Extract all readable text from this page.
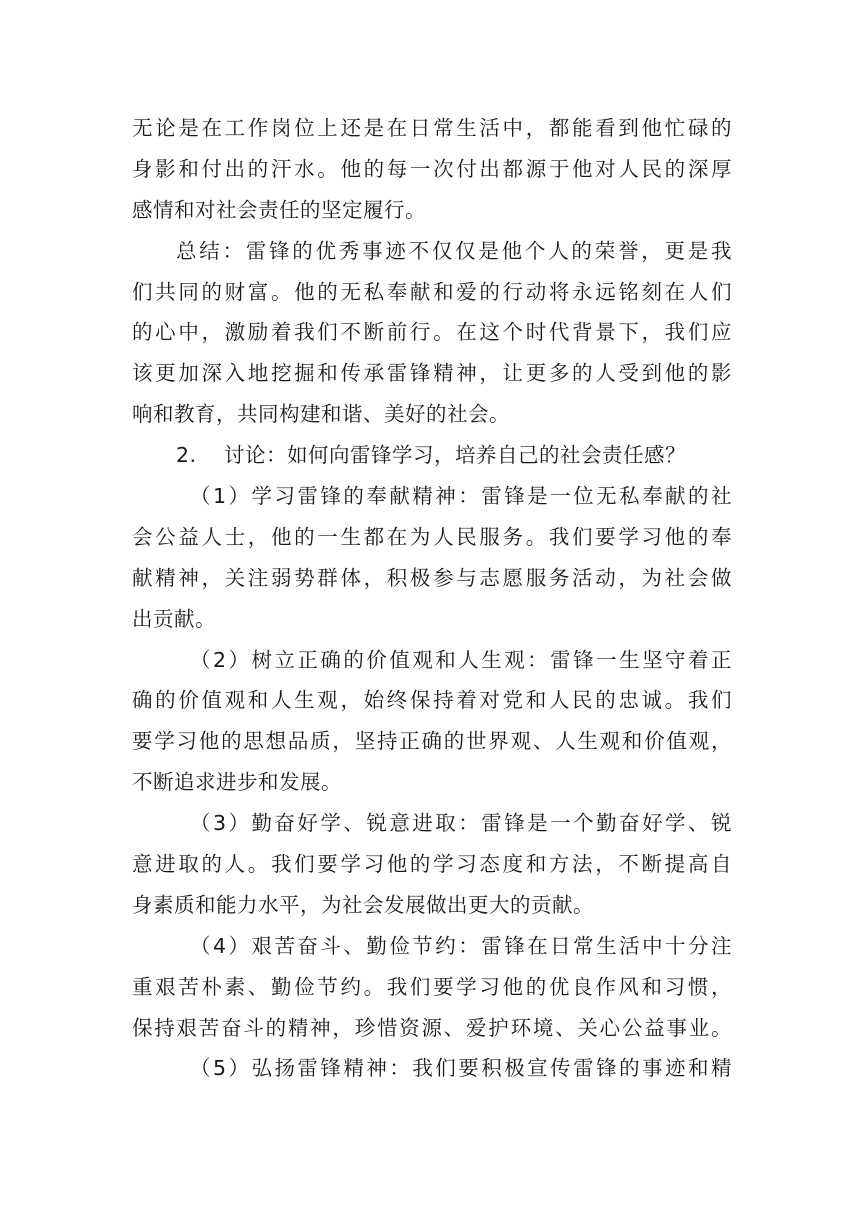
无论是在工作岗位上还是在日常生活中，都能看到他忙碌的
身影和付出的汗水。他的每一次付出都源于他对人民的深厚
感情和对社会责任的坚定履行。
总结：雷锋的优秀事迹不仅仅是他个人的荣誉，更是我
们共同的财富。他的无私奉献和爱的行动将永远铭刻在人们
的心中，激励着我们不断前行。在这个时代背景下，我们应
该更加深入地挖掘和传承雷锋精神，让更多的人受到他的影
响和教育，共同构建和谐、美好的社会。
2. 讨论：如何向雷锋学习，培养自己的社会责任感？
（1）学习雷锋的奉献精神：雷锋是一位无私奉献的社
会公益人士，他的一生都在为人民服务。我们要学习他的奉
献精神，关注弱势群体，积极参与志愿服务活动，为社会做
出贡献。
（2）树立正确的价值观和人生观：雷锋一生坚守着正
确的价值观和人生观，始终保持着对党和人民的忠诚。我们
要学习他的思想品质，坚持正确的世界观、人生观和价值观，
不断追求进步和发展。
（3）勤奋好学、锐意进取：雷锋是一个勤奋好学、锐
意进取的人。我们要学习他的学习态度和方法，不断提高自
身素质和能力水平，为社会发展做出更大的贡献。
（4）艰苦奋斗、勤俭节约：雷锋在日常生活中十分注
重艰苦朴素、勤俭节约。我们要学习他的优良作风和习惯，
保持艰苦奋斗的精神，珍惜资源、爱护环境、关心公益事业。
（5）弘扬雷锋精神：我们要积极宣传雷锋的事迹和精
